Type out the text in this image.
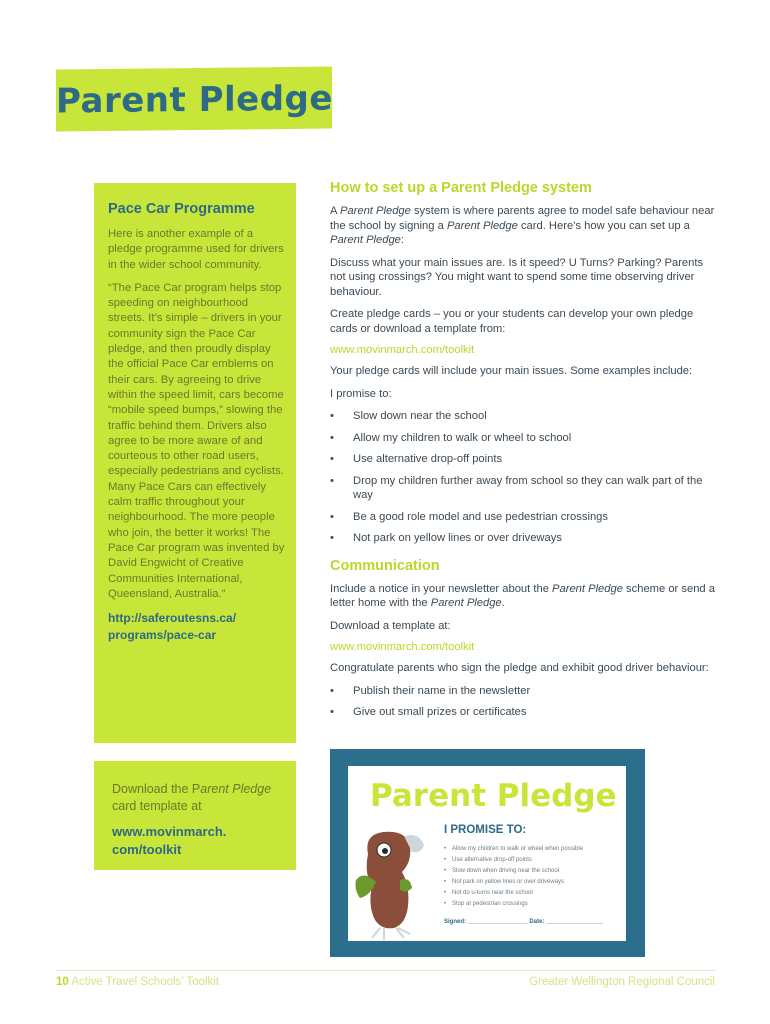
Parent Pledge

Pace Car Programme

Here is another example of a pledge programme used for drivers in the wider school community.

“The Pace Car program helps stop speeding on neighbourhood streets. It’s simple – drivers in your community sign the Pace Car pledge, and then proudly display the official Pace Car emblems on their cars. By agreeing to drive within the speed limit, cars become “mobile speed bumps,” slowing the traffic behind them. Drivers also agree to be more aware of and courteous to other road users, especially pedestrians and cyclists. Many Pace Cars can effectively calm traffic throughout your neighbourhood. The more people who join, the better it works! The Pace Car program was invented by David Engwicht of Creative Communities International, Queensland, Australia.”

http://saferoutesns.ca/ programs/pace-car

Download the Parent Pledge card template at

www.movinmarch. com/toolkit

How to set up a Parent Pledge system

A Parent Pledge system is where parents agree to model safe behaviour near the school by signing a Parent Pledge card. Here’s how you can set up a Parent Pledge:

Discuss what your main issues are. Is it speed? U Turns? Parking? Parents not using crossings? You might want to spend some time observing driver behaviour.

Create pledge cards – you or your students can develop your own pledge cards or download a template from:

www.movinmarch.com/toolkit

Your pledge cards will include your main issues. Some examples include:

I promise to:

• Slow down near the school
• Allow my children to walk or wheel to school
• Use alternative drop-off points
• Drop my children further away from school so they can walk part of the way
• Be a good role model and use pedestrian crossings
• Not park on yellow lines or over driveways

Communication

Include a notice in your newsletter about the Parent Pledge scheme or send a letter home with the Parent Pledge.

Download a template at:

www.movinmarch.com/toolkit

Congratulate parents who sign the pledge and exhibit good driver behaviour:

• Publish their name in the newsletter
• Give out small prizes or certificates
Parent Pledge
I PROMISE TO:
• Allow my children to walk or wheel when possible
• Use alternative drop-off points
• Slow down when driving near the school
• Not park on yellow lines or over driveways
• Not do u-turns near the school
• Stop at pedestrian crossings
Signed: __________________ Date: _________________
10 Active Travel Schools’ Toolkit	Greater Wellington Regional Council
